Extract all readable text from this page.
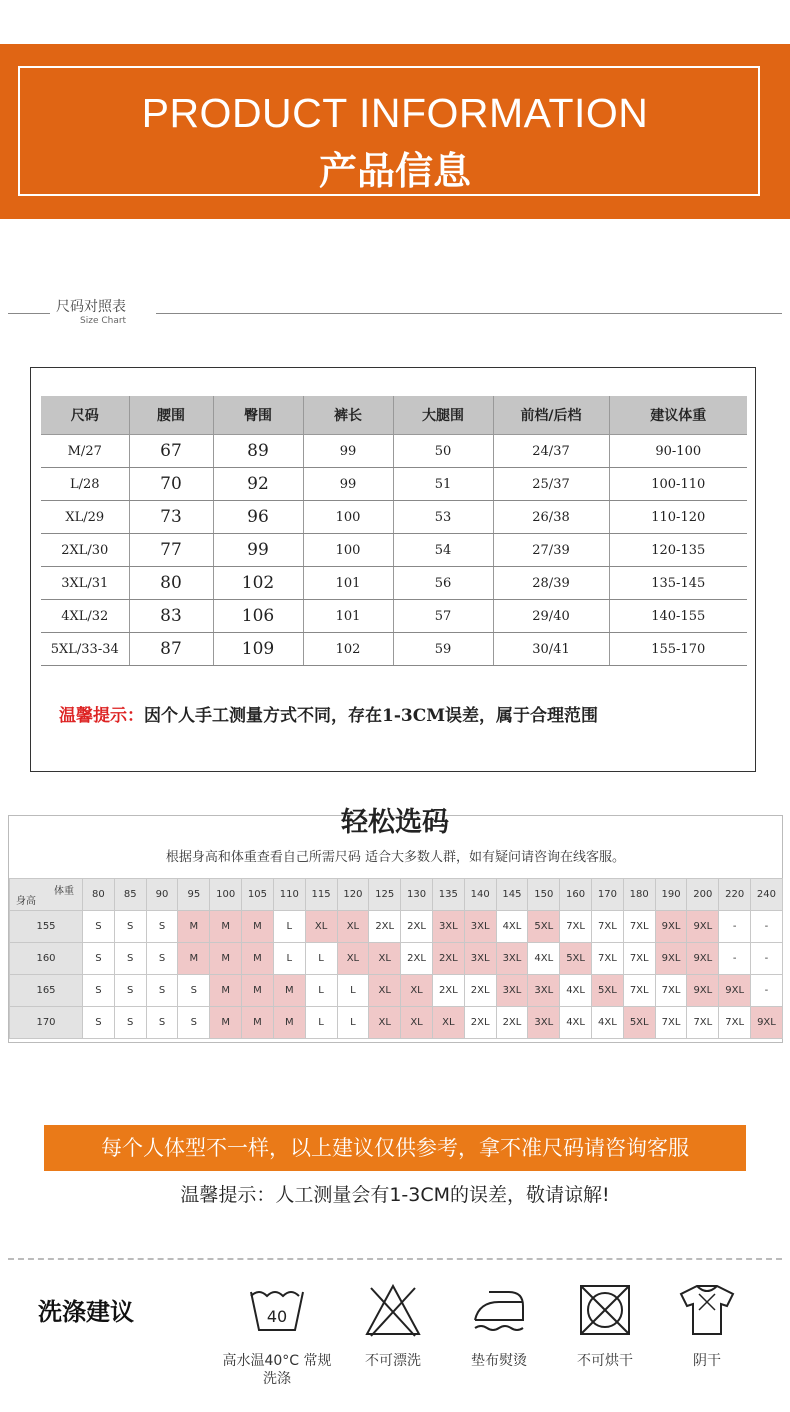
PRODUCT INFORMATION
产品信息
尺码对照表
Size Chart
尺码	腰围	臀围	裤长	大腿围	前档/后档	建议体重
M/27	67	89	99	50	24/37	90-100
L/28	70	92	99	51	25/37	100-110
XL/29	73	96	100	53	26/38	110-120
2XL/30	77	99	100	54	27/39	120-135
3XL/31	80	102	101	56	28/39	135-145
4XL/32	83	106	101	57	29/40	140-155
5XL/33-34	87	109	102	59	30/41	155-170
温馨提示：因个人手工测量方式不同，存在1-3CM误差，属于合理范围
根据身高和体重查看自己所需尺码 适合大多数人群，如有疑问请咨询在线客服。
体重
身高	80	85	90	95	100	105	110	115	120	125	130	135	140	145	150	160	170	180	190	200	220	240
155	S	S	S	M	M	M	L	XL	XL	2XL	2XL	3XL	3XL	4XL	5XL	7XL	7XL	7XL	9XL	9XL	-	-
160	S	S	S	M	M	M	L	L	XL	XL	2XL	2XL	3XL	3XL	4XL	5XL	7XL	7XL	9XL	9XL	-	-
165	S	S	S	S	M	M	M	L	L	XL	XL	2XL	2XL	3XL	3XL	4XL	5XL	7XL	7XL	9XL	9XL	-
170	S	S	S	S	M	M	M	L	L	XL	XL	XL	2XL	2XL	3XL	4XL	4XL	5XL	7XL	7XL	7XL	9XL
轻松选码
每个人体型不一样，以上建议仅供参考，拿不准尺码请咨询客服
温馨提示：人工测量会有1-3CM的误差，敬请谅解!
洗涤建议	40
高水温40°C 常规洗涤
不可漂洗	垫布熨烫	不可烘干	阴干
